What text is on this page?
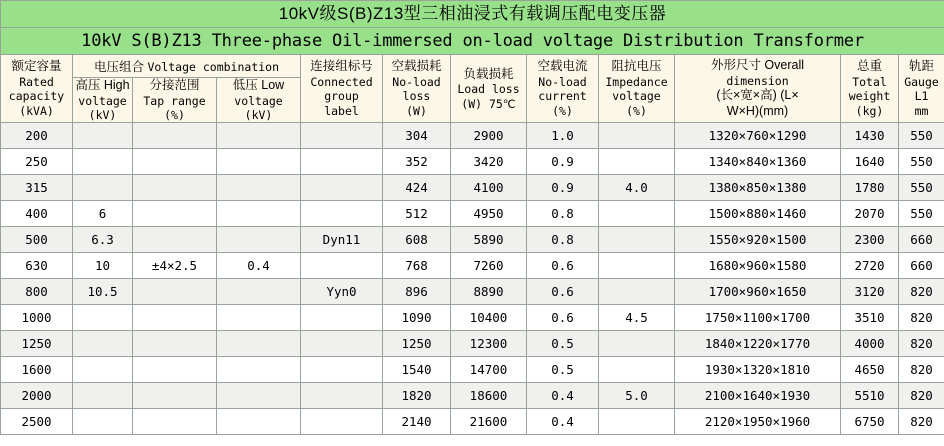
10kV级S(B)Z13型三相油浸式有载调压配电变压器											
10kV S(B)Z13 Three-phase Oil-immersed on-load voltage Distribution Transformer											

额定容量
Rated
capacity
(kVA)	电压组合 Voltage combination			连接组标号
Connected
group
label	空载损耗
No-load
loss
(W)	负载损耗
Load loss
(W) 75℃	空载电流
No-load
current
(%)	阻抗电压
Impedance
voltage
(%)	外形尺寸 Overall
dimension
(长×宽×高) (L×
W×H)(mm)	总重
Total
weight
(kg)	轨距
Gauge
L1
mm

	高压 High
voltage
(kV)	分接范围
Tap range
(%)	低压 Low
voltage
(kV)								

200					304	2900	1.0		1320×760×1290	1430	550
250					352	3420	0.9		1340×840×1360	1640	550
315					424	4100	0.9	4.0	1380×850×1380	1780	550
400	6				512	4950	0.8		1500×880×1460	2070	550
500	6.3			Dyn11	608	5890	0.8		1550×920×1500	2300	660
630	10	±4×2.5	0.4		768	7260	0.6		1680×960×1580	2720	660
800	10.5			Yyn0	896	8890	0.6		1700×960×1650	3120	820
1000					1090	10400	0.6	4.5	1750×1100×1700	3510	820
1250					1250	12300	0.5		1840×1220×1770	4000	820
1600					1540	14700	0.5		1930×1320×1810	4650	820
2000					1820	18600	0.4	5.0	2100×1640×1930	5510	820
2500					2140	21600	0.4		2120×1950×1960	6750	820
